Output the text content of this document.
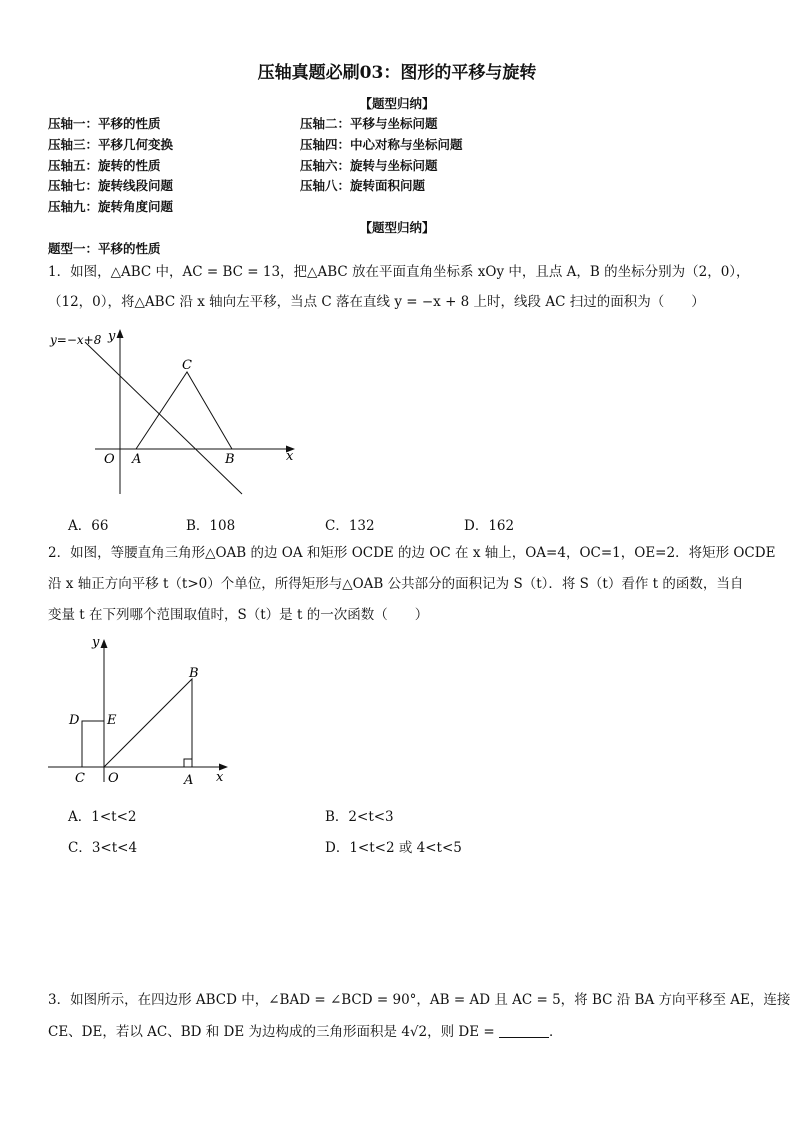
压轴真题必刷03：图形的平移与旋转
【题型归纳】
压轴一：平移的性质	压轴二：平移与坐标问题
压轴三：平移几何变换	压轴四：中心对称与坐标问题
压轴五：旋转的性质	压轴六：旋转与坐标问题
压轴七：旋转线段问题	压轴八：旋转面积问题
压轴九：旋转角度问题
【题型归纳】
题型一：平移的性质
1．如图，△ABC 中，AC = BC = 13，把△ABC 放在平面直角坐标系 xOy 中，且点 A，B 的坐标分别为（2，0），
（12，0），将△ABC 沿 x 轴向左平移，当点 C 落在直线 y = −x + 8 上时，线段 AC 扫过的面积为（　　）
y=−x+8 y
x
O A	B
C
A．66	B．108	C．132	D．162
2．如图，等腰直角三角形△OAB 的边 OA 和矩形 OCDE 的边 OC 在 x 轴上，OA=4，OC=1，OE=2．将矩形 OCDE
沿 x 轴正方向平移 t（t>0）个单位，所得矩形与△OAB 公共部分的面积记为 S（t）．将 S（t）看作 t 的函数，当自
变量 t 在下列哪个范围取值时，S（t）是 t 的一次函数（　　）
y
x
O
C	A
B
D E
A．1<t<2	B．2<t<3
C．3<t<4	D．1<t<2 或 4<t<5
3．如图所示，在四边形 ABCD 中，∠BAD = ∠BCD = 90°，AB = AD 且 AC = 5，将 BC 沿 BA 方向平移至 AE，连接
CE、DE，若以 AC、BD 和 DE 为边构成的三角形面积是 4√2，则 DE =	．
